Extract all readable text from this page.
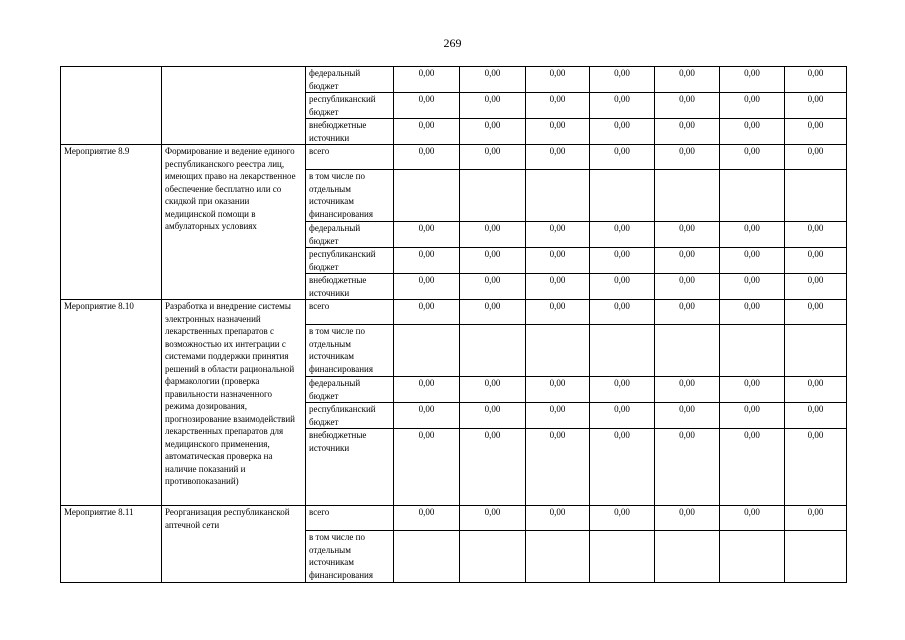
269
		федеральный бюджет	0,00	0,00	0,00	0,00	0,00	0,00	0,00
		республиканский бюджет	0,00	0,00	0,00	0,00	0,00	0,00	0,00
		внебюджетные источники	0,00	0,00	0,00	0,00	0,00	0,00	0,00
Мероприятие 8.9	Формирование и ведение единого республиканского реестра лиц, имеющих право на лекарственное обеспечение бесплатно или со скидкой при оказании медицинской помощи в амбулаторных условиях	всего	0,00	0,00	0,00	0,00	0,00	0,00	0,00
		в том числе по отдельным источникам финансирования							
		федеральный бюджет	0,00	0,00	0,00	0,00	0,00	0,00	0,00
		республиканский бюджет	0,00	0,00	0,00	0,00	0,00	0,00	0,00
		внебюджетные источники	0,00	0,00	0,00	0,00	0,00	0,00	0,00
Мероприятие 8.10	Разработка и внедрение системы электронных назначений лекарственных препаратов с возможностью их интеграции с системами поддержки принятия решений в области рациональной фармакологии (проверка правильности назначенного режима дозирования, прогнозирование взаимодействий лекарственных препаратов для медицинского применения, автоматическая проверка на наличие показаний и противопоказаний)	всего	0,00	0,00	0,00	0,00	0,00	0,00	0,00
		в том числе по отдельным источникам финансирования							
		федеральный бюджет	0,00	0,00	0,00	0,00	0,00	0,00	0,00
		республиканский бюджет	0,00	0,00	0,00	0,00	0,00	0,00	0,00
		внебюджетные источники	0,00	0,00	0,00	0,00	0,00	0,00	0,00
Мероприятие 8.11	Реорганизация республиканской аптечной сети	всего	0,00	0,00	0,00	0,00	0,00	0,00	0,00
		в том числе по отдельным источникам финансирования							
